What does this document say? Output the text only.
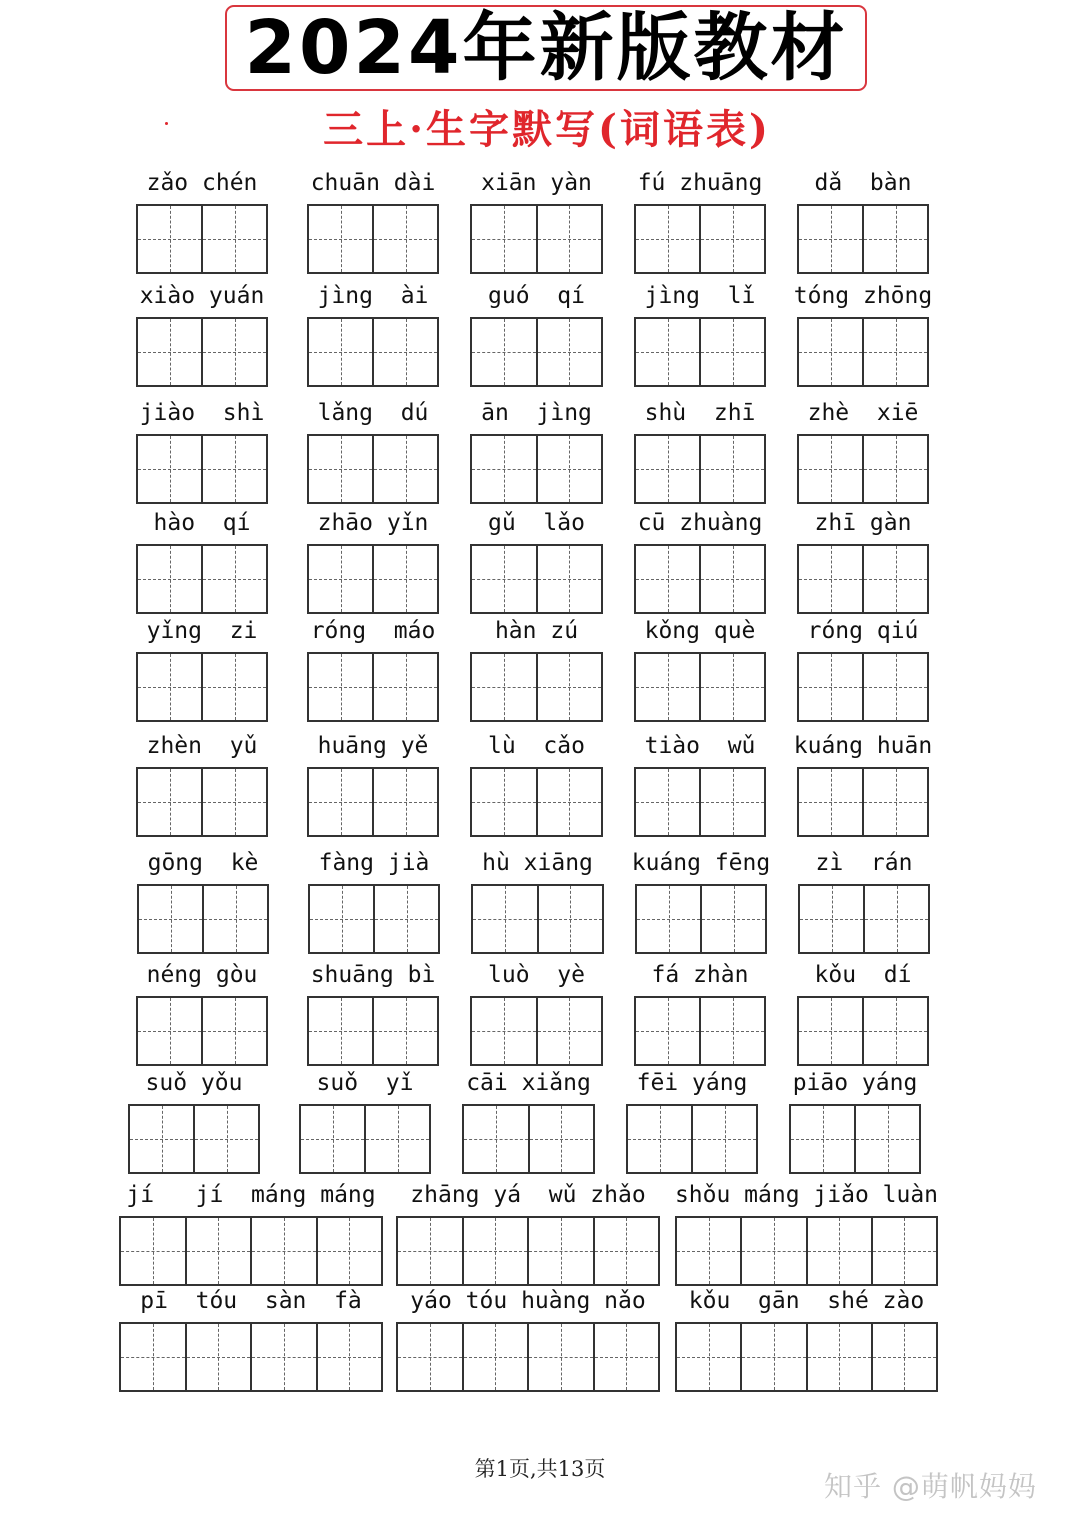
2024年新版教材
三上·生字默写(词语表)
zǎo chén	chuān dài	xiān yàn	fú zhuāng	dǎ  bàn
xiào yuán	jìng  ài	guó  qí	jìng  lǐ	tóng zhōng
jiào  shì	lǎng  dú	ān  jìng	shù  zhī	zhè  xiē
hào  qí	zhāo yǐn	gǔ  lǎo	cū zhuàng	zhī gàn
yǐng  zi	róng  máo	hàn zú	kǒng què	róng qiú
zhèn  yǔ	huāng yě	lù  cǎo	tiào  wǔ	kuáng huān
gōng  kè	fàng jià	hù xiāng	kuáng fēng	zì  rán
néng gòu	shuāng bì	luò  yè	fá zhàn	kǒu  dí
suǒ yǒu	suǒ  yǐ	cāi xiǎng	fēi yáng	piāo yáng
jí   jí  máng máng	zhāng yá  wǔ zhǎo	shǒu máng jiǎo luàn
pī  tóu  sàn  fà	yáo tóu huàng nǎo	kǒu  gān  shé zào
第1页,共13页
知乎 @萌帆妈妈
